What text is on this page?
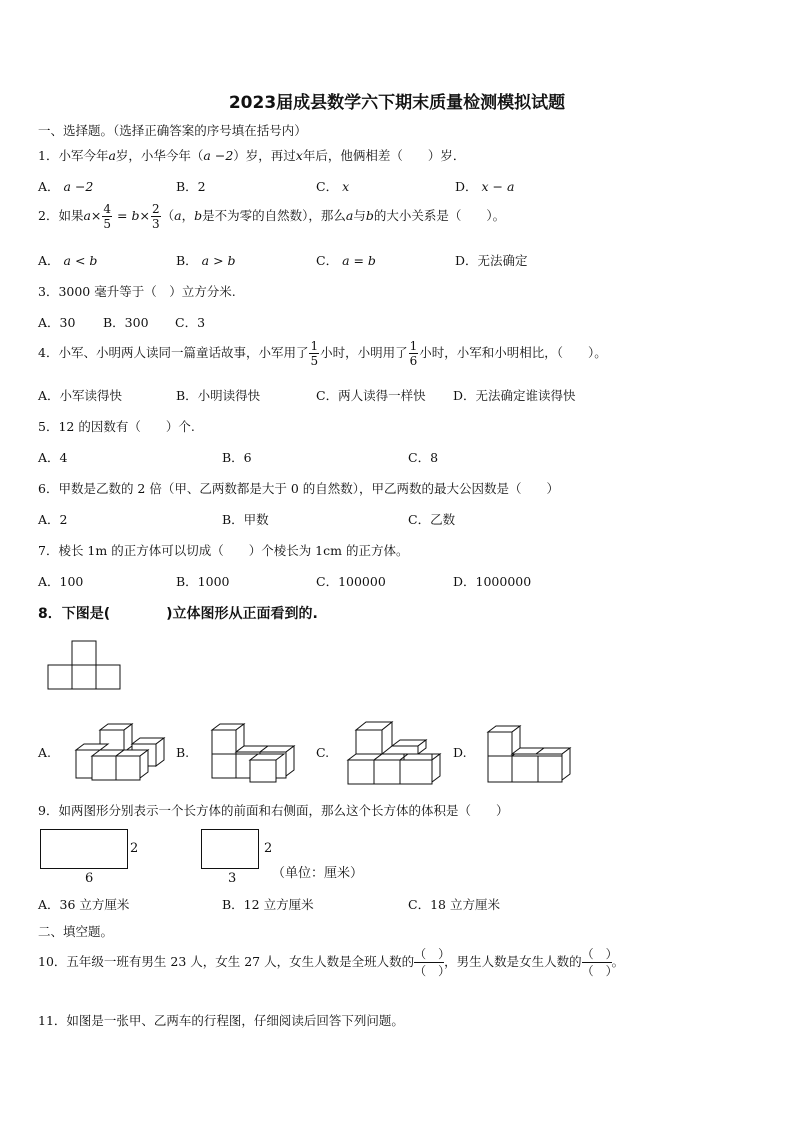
2023届成县数学六下期末质量检测模拟试题
一、选择题。（选择正确答案的序号填在括号内）
1．小军今年a岁，小华今年（a −2）岁，再过x年后，他俩相差（　　）岁．
A． a −2	B．2	C． x	D． x − a
2．如果$a\times \frac{4}{5} = b\times \frac{2}{3} (a$，b是不为零的自然数），那么a与b的大小关系是（　　）。
A． a < b	B． a > b	C． a = b	D．无法确定
3．3000 毫升等于（　）立方分米.
A．30 B．300 C．3
4．小军、小明两人读同一篇童话故事，小军用了 $\frac{1}{5}$ 小时，小明用了 $\frac{1}{6}$ 小时，小军和小明相比，（　　）。
A．小军读得快	B．小明读得快	C．两人读得一样快 D．无法确定谁读得快
5．12 的因数有（　　）个.
A．4	B．6	C．8
6．甲数是乙数的 2 倍（甲、乙两数都是大于 0 的自然数），甲乙两数的最大公因数是（　　）
A．2	B．甲数	C．乙数
7．棱长 1m 的正方体可以切成（　　）个棱长为 1cm 的正方体。
A．100	B．1000	C．100000	D．1000000
8．下图是(　　　　)立体图形从正面看到的.
A.	B.	C.	D.
9．如两图形分别表示一个长方体的前面和右侧面，那么这个长方体的体积是（　　）
2
6
2
3	（单位：厘米）
A．36 立方厘米	B．12 立方厘米	C．18 立方厘米
二、填空题。
10．五年级一班有男生 23 人，女生 27 人，女生人数是全班人数的 $\frac{( )}{( )}$ ，男生人数是女生人数的 $\frac{( )}{( )}$ 。
11．如图是一张甲、乙两车的行程图，仔细阅读后回答下列问题。
